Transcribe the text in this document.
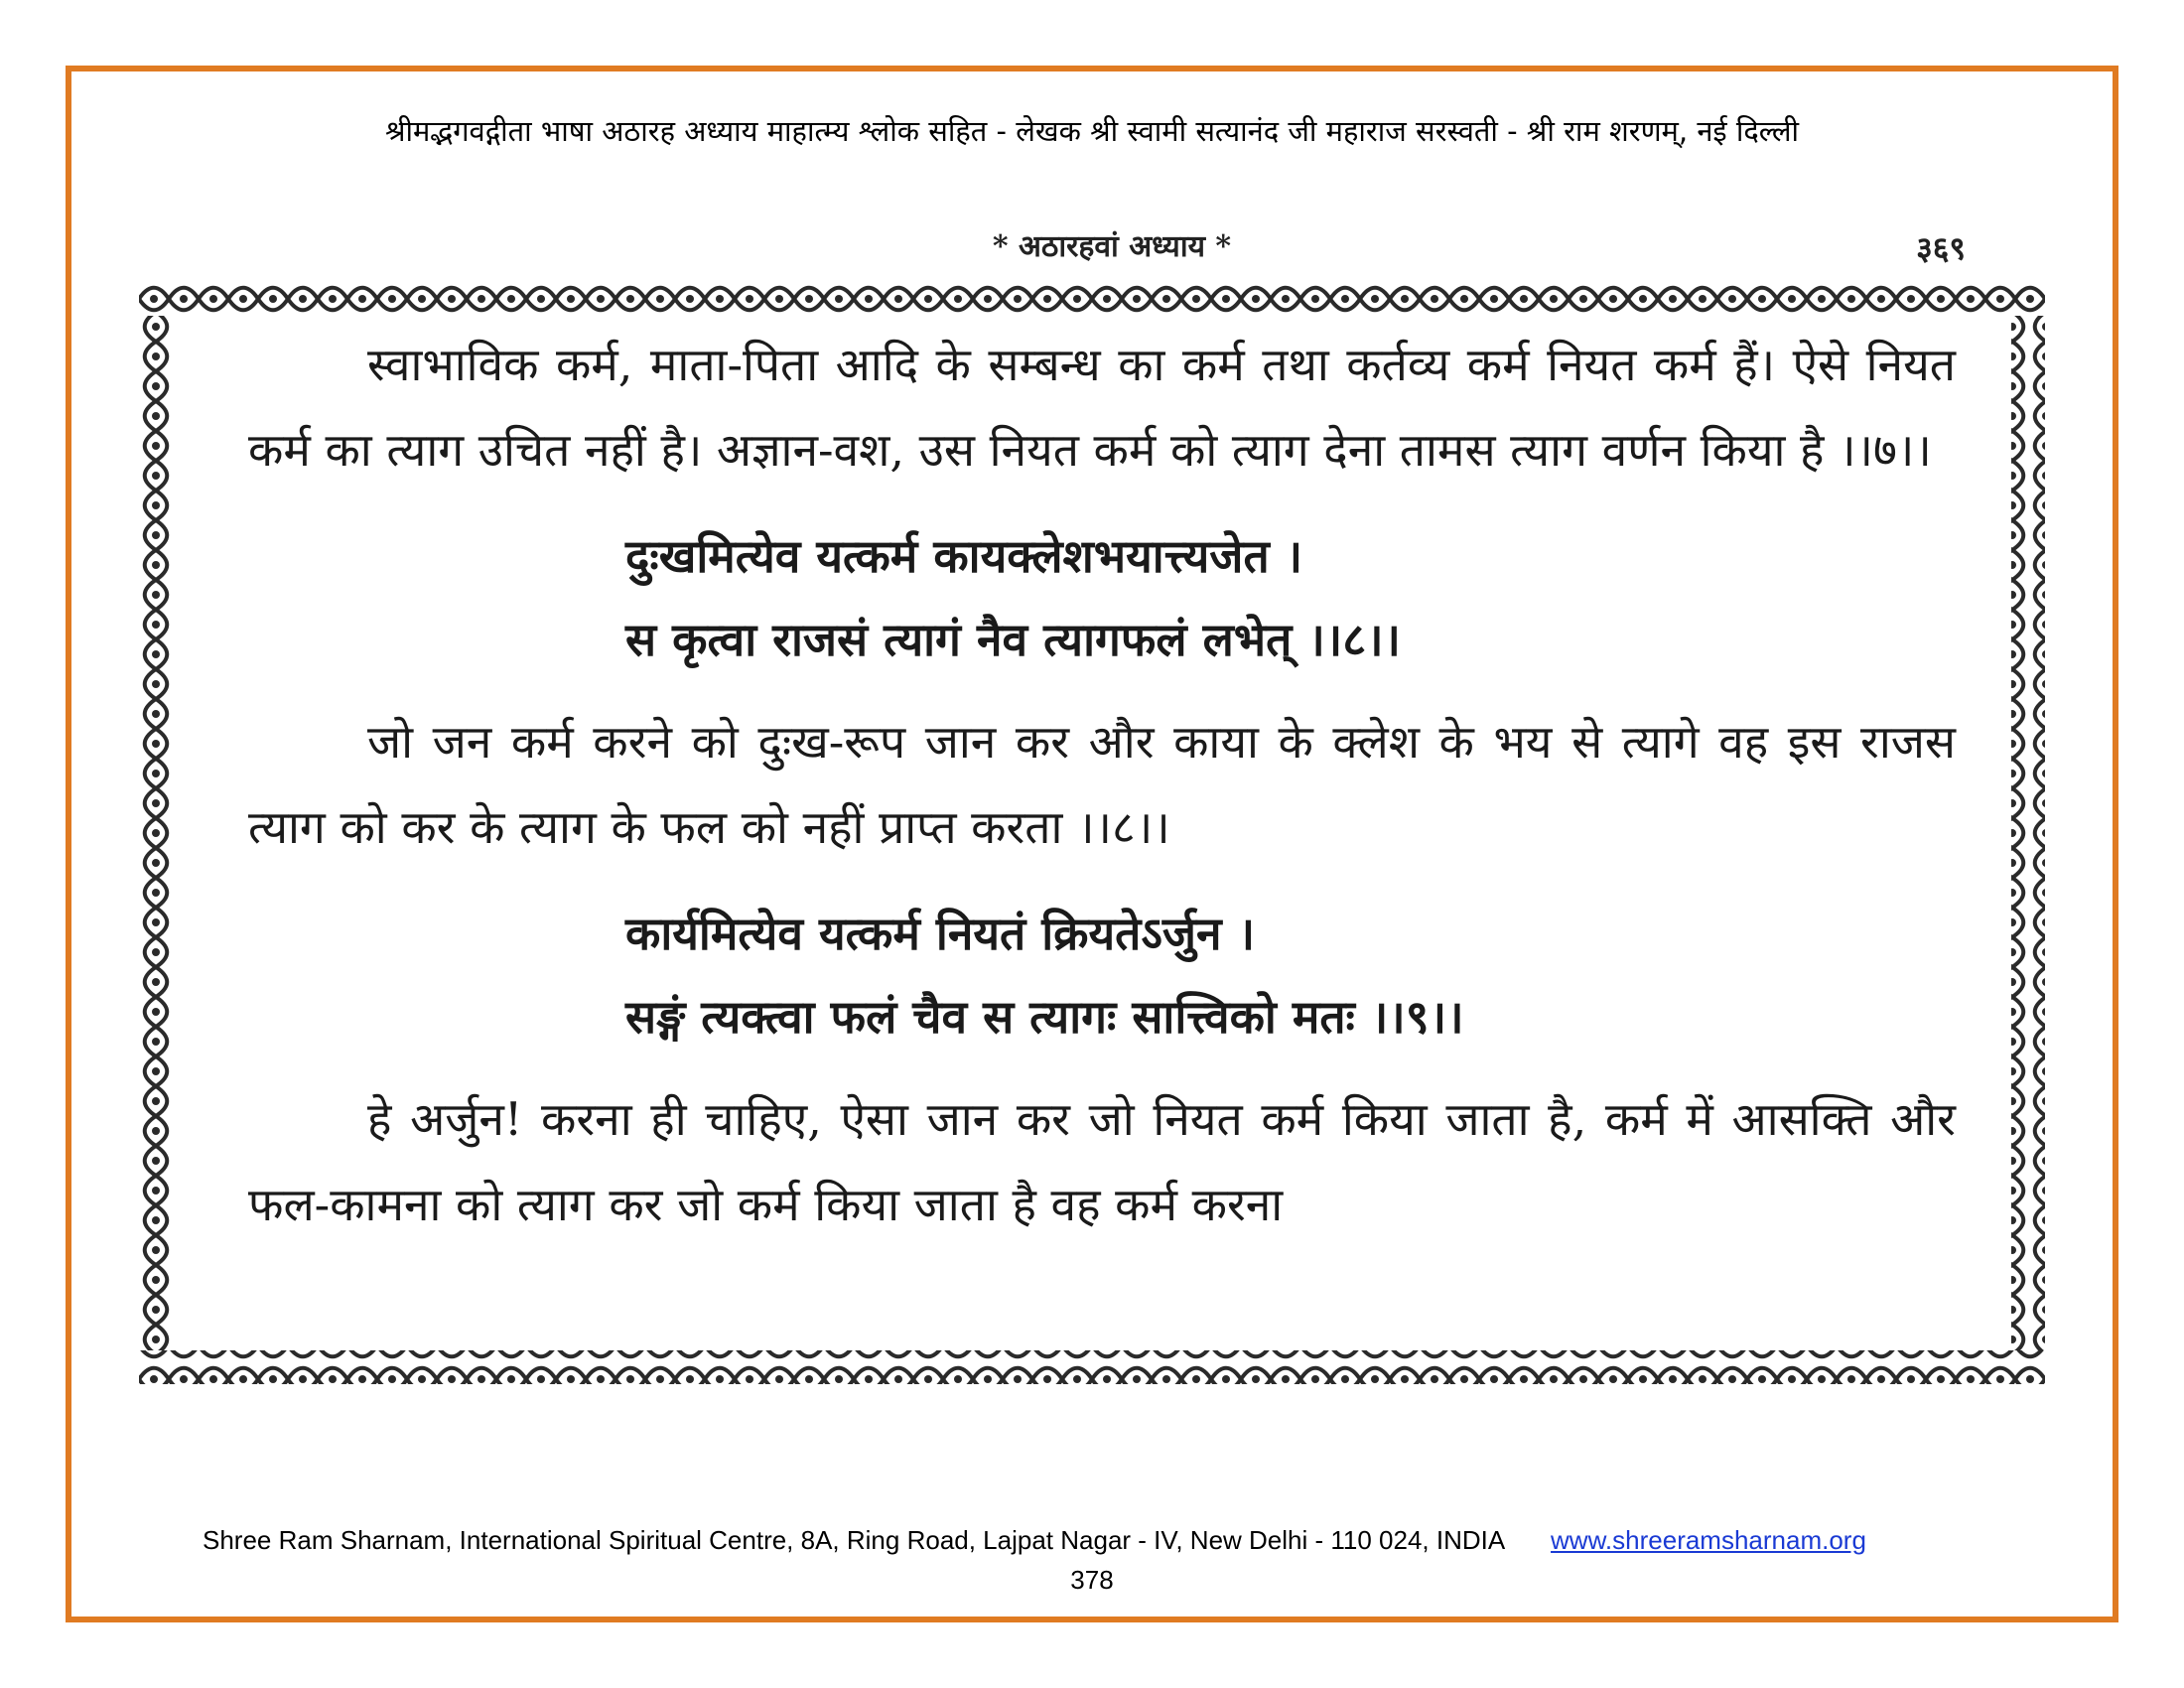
श्रीमद्भगवद्गीता भाषा अठारह अध्याय माहात्म्य श्लोक सहित - लेखक श्री स्वामी सत्यानंद जी महाराज सरस्वती - श्री राम शरणम्, नई दिल्ली
* अठारहवां अध्याय *	३६९

स्वाभाविक कर्म, माता-पिता आदि के सम्बन्ध का कर्म तथा कर्तव्य कर्म नियत कर्म हैं। ऐसे नियत कर्म का त्याग उचित नहीं है। अज्ञान-वश, उस नियत कर्म को त्याग देना तामस त्याग वर्णन किया है ।।७।।

दुःखमित्येव यत्कर्म कायक्लेशभयात्त्यजेत ।
स कृत्वा राजसं त्यागं नैव त्यागफलं लभेत् ।।८।।

जो जन कर्म करने को दुःख-रूप जान कर और काया के क्लेश के भय से त्यागे वह इस राजस त्याग को कर के त्याग के फल को नहीं प्राप्त करता ।।८।।

कार्यमित्येव यत्कर्म नियतं क्रियतेऽर्जुन ।
सङ्गं त्यक्त्वा फलं चैव स त्यागः सात्त्विको मतः ।।९।।

हे अर्जुन! करना ही चाहिए, ऐसा जान कर जो नियत कर्म किया जाता है, कर्म में आसक्ति और फल-कामना को त्याग कर जो कर्म किया जाता है वह कर्म करना

Shree Ram Sharnam, International Spiritual Centre, 8A, Ring Road, Lajpat Nagar - IV, New Delhi - 110 024, INDIA www.shreeramsharnam.org
378
